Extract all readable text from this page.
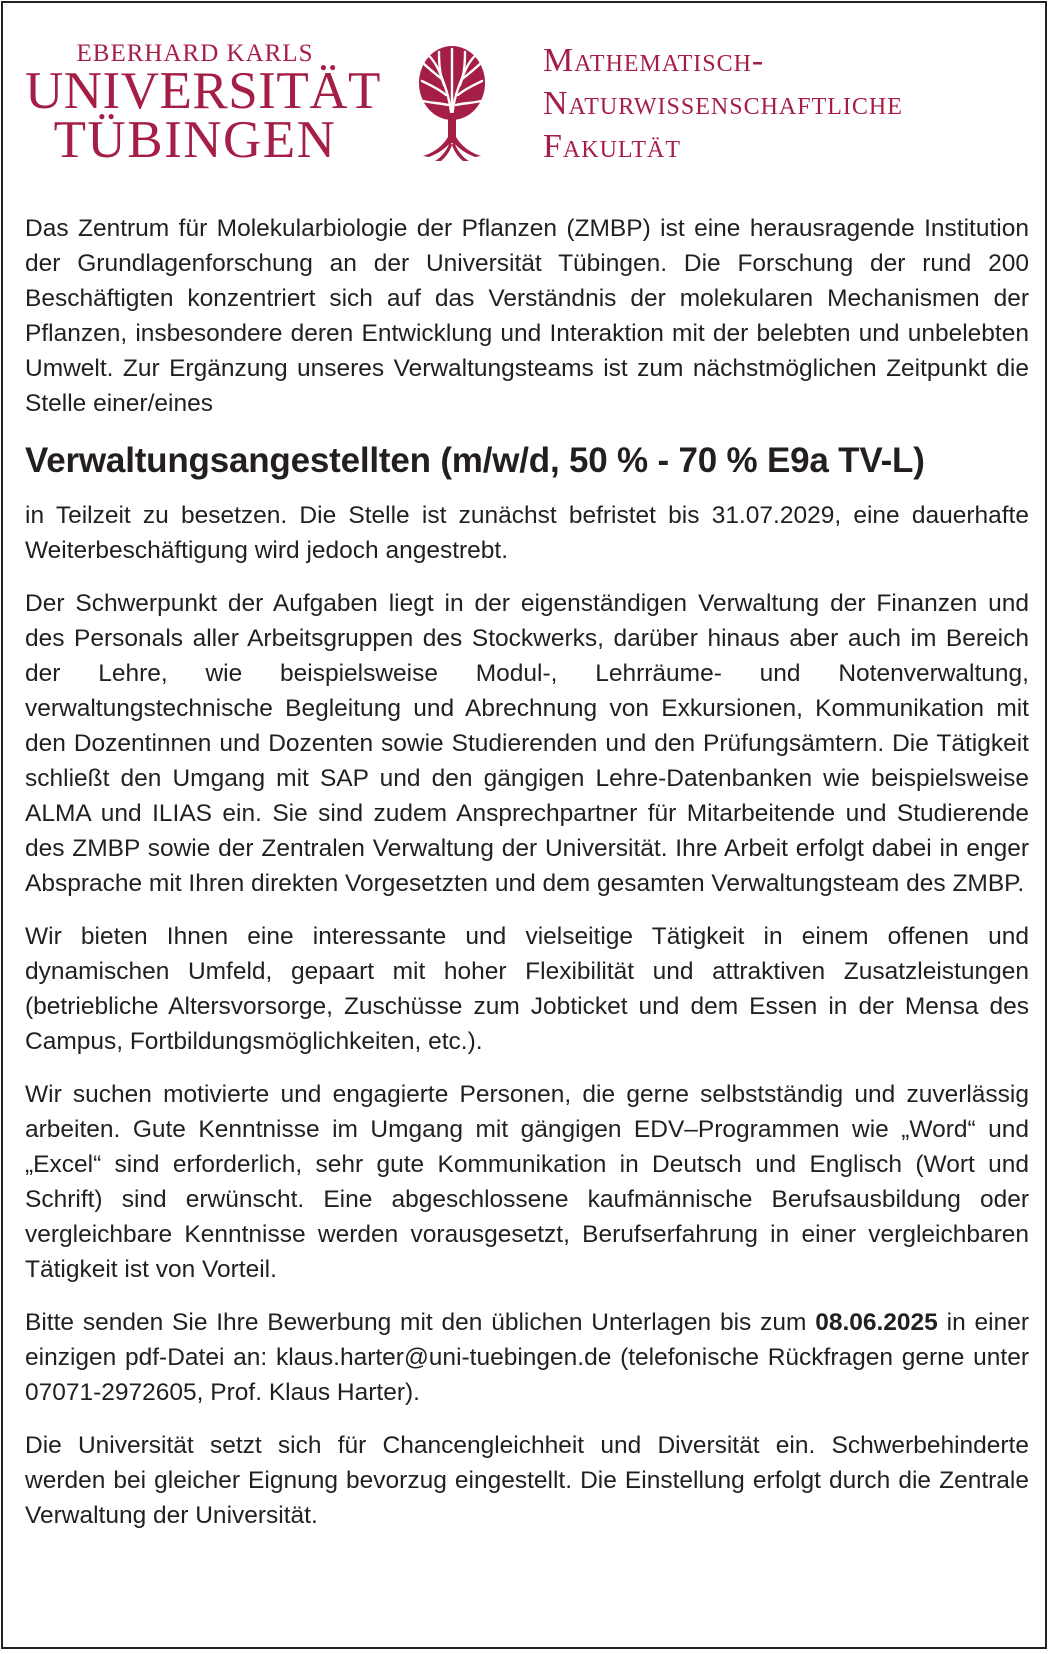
EBERHARD KARLS
UNIVERSITÄT
TÜBINGEN
Mathematisch-
Naturwissenschaftliche
Fakultät

Das Zentrum für Molekularbiologie der Pflanzen (ZMBP) ist eine herausragende Institution der Grundlagenforschung an der Universität Tübingen. Die Forschung der rund 200 Beschäftigten konzentriert sich auf das Verständnis der molekularen Mechanismen der Pflanzen, insbesondere deren Entwicklung und Interaktion mit der belebten und unbelebten Umwelt. Zur Ergänzung unseres Verwaltungsteams ist zum nächstmöglichen Zeitpunkt die Stelle einer/eines

Verwaltungsangestellten (m/w/d, 50 % - 70 % E9a TV-L)

in Teilzeit zu besetzen. Die Stelle ist zunächst befristet bis 31.07.2029, eine dauerhafte Weiterbeschäftigung wird jedoch angestrebt.

Der Schwerpunkt der Aufgaben liegt in der eigenständigen Verwaltung der Finanzen und des Personals aller Arbeitsgruppen des Stockwerks, darüber hinaus aber auch im Bereich der Lehre, wie beispielsweise Modul-, Lehrräume- und Notenverwaltung, verwaltungstechnische Begleitung und Abrechnung von Exkursionen, Kommunikation mit den Dozentinnen und Dozenten sowie Studierenden und den Prüfungsämtern. Die Tätigkeit schließt den Umgang mit SAP und den gängigen Lehre-Datenbanken wie beispielsweise ALMA und ILIAS ein. Sie sind zudem Ansprechpartner für Mitarbeitende und Studierende des ZMBP sowie der Zentralen Verwaltung der Universität. Ihre Arbeit erfolgt dabei in enger Absprache mit Ihren direkten Vorgesetzten und dem gesamten Verwaltungsteam des ZMBP.

Wir bieten Ihnen eine interessante und vielseitige Tätigkeit in einem offenen und dynamischen Umfeld, gepaart mit hoher Flexibilität und attraktiven Zusatzleistungen (betriebliche Altersvorsorge, Zuschüsse zum Jobticket und dem Essen in der Mensa des Campus, Fortbildungsmöglichkeiten, etc.).

Wir suchen motivierte und engagierte Personen, die gerne selbstständig und zuverlässig arbeiten. Gute Kenntnisse im Umgang mit gängigen EDV–Programmen wie „Word“ und „Excel“ sind erforderlich, sehr gute Kommunikation in Deutsch und Englisch (Wort und Schrift) sind erwünscht. Eine abgeschlossene kaufmännische Berufsausbildung oder vergleichbare Kenntnisse werden vorausgesetzt, Berufserfahrung in einer vergleichbaren Tätigkeit ist von Vorteil.

Bitte senden Sie Ihre Bewerbung mit den üblichen Unterlagen bis zum 08.06.2025 in einer einzigen pdf-Datei an: klaus.harter@uni-tuebingen.de (telefonische Rückfragen gerne unter 07071-2972605, Prof. Klaus Harter).

Die Universität setzt sich für Chancengleichheit und Diversität ein. Schwerbehinderte werden bei gleicher Eignung bevorzug eingestellt. Die Einstellung erfolgt durch die Zentrale Verwaltung der Universität.
